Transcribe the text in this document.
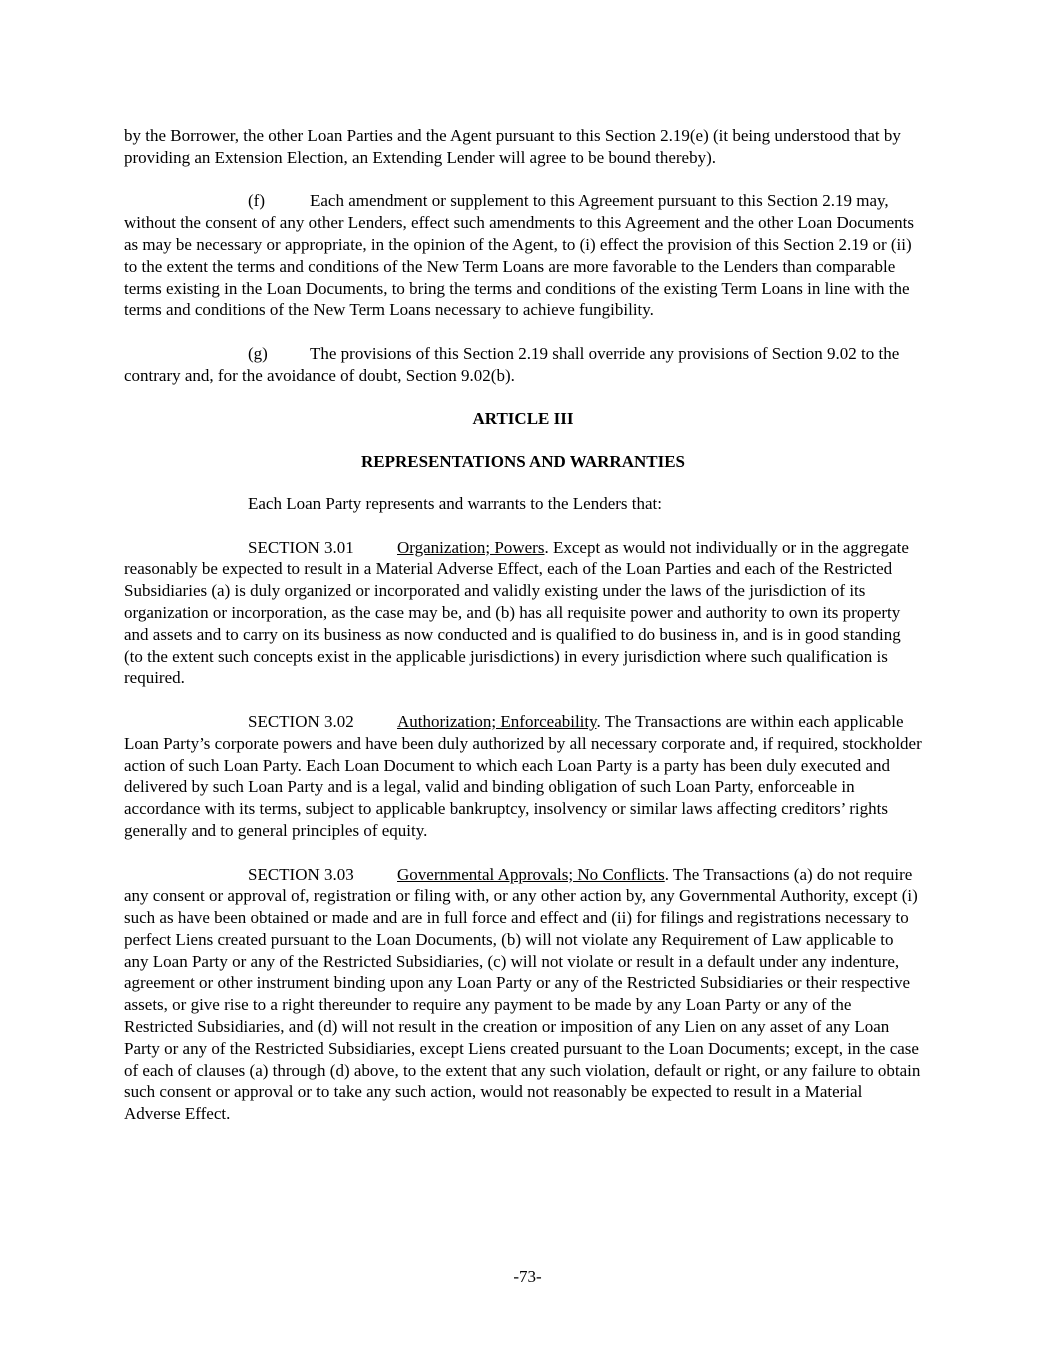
by the Borrower, the other Loan Parties and the Agent pursuant to this Section 2.19(e) (it being understood that by providing an Extension Election, an Extending Lender will agree to be bound thereby).

(f)	Each amendment or supplement to this Agreement pursuant to this Section 2.19 may, without the consent of any other Lenders, effect such amendments to this Agreement and the other Loan Documents as may be necessary or appropriate, in the opinion of the Agent, to (i) effect the provision of this Section 2.19 or (ii) to the extent the terms and conditions of the New Term Loans are more favorable to the Lenders than comparable terms existing in the Loan Documents, to bring the terms and conditions of the existing Term Loans in line with the terms and conditions of the New Term Loans necessary to achieve fungibility.

(g) The provisions of this Section 2.19 shall override any provisions of Section 9.02 to the contrary and, for the avoidance of doubt, Section 9.02(b).

ARTICLE III

REPRESENTATIONS AND WARRANTIES

Each Loan Party represents and warrants to the Lenders that:

SECTION 3.01	Organization; Powers. Except as would not individually or in the aggregate reasonably be expected to result in a Material Adverse Effect, each of the Loan Parties and each of the Restricted Subsidiaries (a) is duly organized or incorporated and validly existing under the laws of the jurisdiction of its organization or incorporation, as the case may be, and (b) has all requisite power and authority to own its property and assets and to carry on its business as now conducted and is qualified to do business in, and is in good standing (to the extent such concepts exist in the applicable jurisdictions) in every jurisdiction where such qualification is required.

SECTION 3.02	Authorization; Enforceability. The Transactions are within each applicable Loan Party’s corporate powers and have been duly authorized by all necessary corporate and, if required, stockholder action of such Loan Party. Each Loan Document to which each Loan Party is a party has been duly executed and delivered by such Loan Party and is a legal, valid and binding obligation of such Loan Party, enforceable in accordance with its terms, subject to applicable bankruptcy, insolvency or similar laws affecting creditors’ rights generally and to general principles of equity.

SECTION 3.03	Governmental Approvals; No Conflicts. The Transactions (a) do not require any consent or approval of, registration or filing with, or any other action by, any Governmental Authority, except (i) such as have been obtained or made and are in full force and effect and (ii) for filings and registrations necessary to perfect Liens created pursuant to the Loan Documents, (b) will not violate any Requirement of Law applicable to any Loan Party or any of the Restricted Subsidiaries, (c) will not violate or result in a default under any indenture, agreement or other instrument binding upon any Loan Party or any of the Restricted Subsidiaries or their respective assets, or give rise to a right thereunder to require any payment to be made by any Loan Party or any of the Restricted Subsidiaries, and (d) will not result in the creation or imposition of any Lien on any asset of any Loan Party or any of the Restricted Subsidiaries, except Liens created pursuant to the Loan Documents; except, in the case of each of clauses (a) through (d) above, to the extent that any such violation, default or right, or any failure to obtain such consent or approval or to take any such action, would not reasonably be expected to result in a Material Adverse Effect.

-73-
